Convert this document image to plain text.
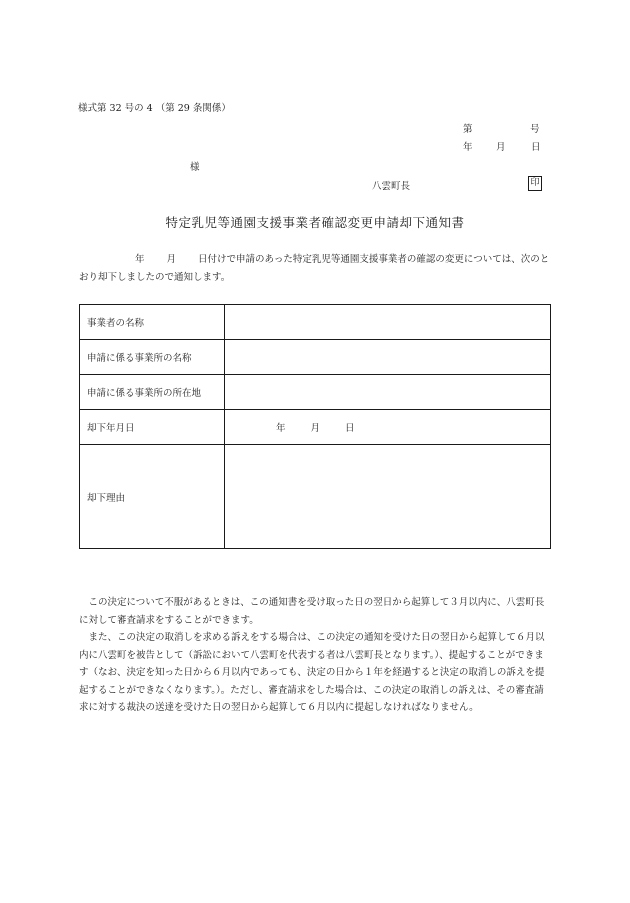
様式第 32 号の 4 （第 29 条関係）
第	号
年 月	日
様
八雲町長	印
特定乳児等通園支援事業者確認変更申請却下通知書
年 月 日付けで申請のあった特定乳児等通園支援事業者の確認の変更については、次のとおり却下しましたので通知します。
事業者の名称	
申請に係る事業所の名称	
申請に係る事業所の所在地	
却下年月日	年 月 日
却下理由	

この決定について不服があるときは、この通知書を受け取った日の翌日から起算して３月以内に、八雲町長に対して審査請求をすることができます。

また、この決定の取消しを求める訴えをする場合は、この決定の通知を受けた日の翌日から起算して６月以内に八雲町を被告として（訴訟において八雲町を代表する者は八雲町長となります。）、提起することができます（なお、決定を知った日から６月以内であっても、決定の日から１年を経過すると決定の取消しの訴えを提起することができなくなります。）。ただし、審査請求をした場合は、この決定の取消しの訴えは、その審査請求に対する裁決の送達を受けた日の翌日から起算して６月以内に提起しなければなりません。
